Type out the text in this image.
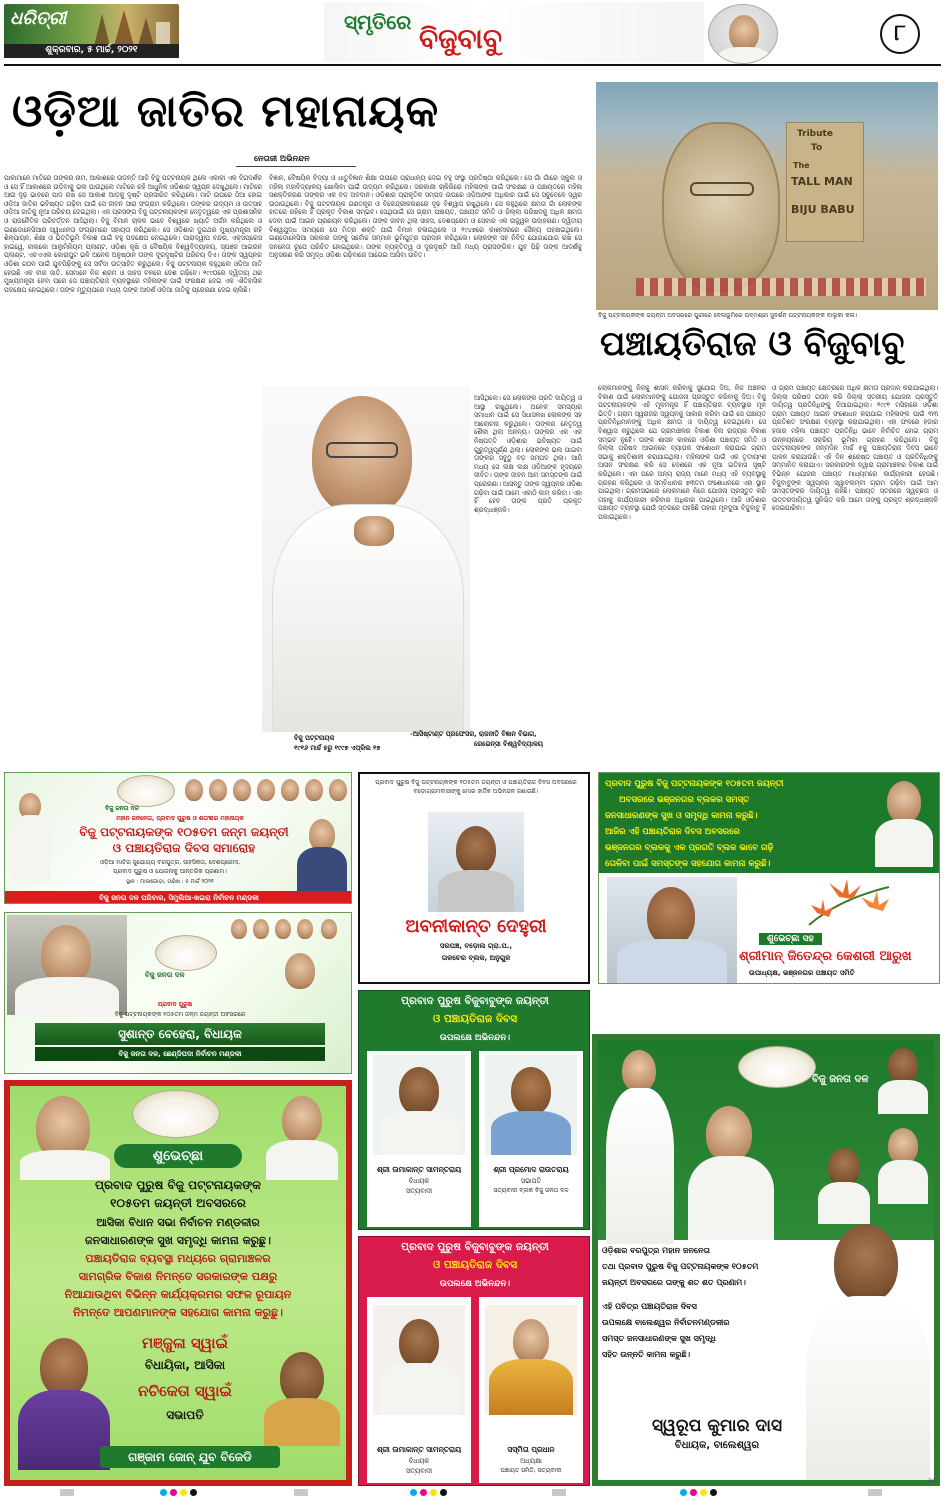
ଧରିତ୍ରୀ
ଶୁକ୍ରବାର, ୫ ମାର୍ଚ୍ଚ, ୨୦୨୧
ସ୍ମୃତିରେ ବିଜୁବାବୁ	୮
ଓଡ଼ିଆ ଜାତିର ମହାନାୟକ
ନେତାଜୀ ଅଭିନନ୍ଦନ
ପାକାମାନେ ମାତିରେ ତାଙ୍କର ନାମ, ଆକାଶରେ ଉଡ଼ନ୍ତି ଆଜି ବିଜୁ ପଟ୍ଟନାୟକ ଥିଲେ ଏକାକୀ ଏକ ଦିଗଦର୍ଶକ ଓ ସେ ହିଁ ଆକାଶରେ ଉଡ଼ିବାକୁ ଭଲ ପାଉଥିଲେ ମାଟିରେ ରହି ଆଧୁନିକ ଓଡ଼ିଶାର ସ୍ୱପ୍ନ ଦେଖୁଥିଲେ। ମାଟିରେ ଆଉ ଦୃଢ଼ ଭାବରେ ପାଦ ରଖି ସେ ଆକାଶ ଆଡ଼କୁ ଦୃଷ୍ଟି ପ୍ରସାରିତ କରିଥିଲେ। ମାଟି ଉପରେ ଠିଆ ହୋଇ ଓଡ଼ିଆ ଜାତିର ଭବିଷ୍ୟତ ଗଢ଼ିବା ପାଇଁ ସେ ଜୀବନ ସାରା ସଂଗ୍ରାମ କରିଥିଲେ। ତାଙ୍କର ଉଦ୍ୟମ ଓ ଉତ୍ସାହ ଓଡ଼ିଆ ଜାତିକୁ ନୂଆ ପରିଚୟ ଦେଇଥିଲା। ଏକ ପ୍ରସଙ୍ଗ ବିଜୁ ପଟ୍ଟନାୟକଙ୍କ ନେତୃତ୍ୱରେ ଏକ ପ୍ରଶାସନିକ ଓ ରାଜନୈତିକ ପରିବର୍ତ୍ତନ ଆସିଥିଲା। ବିଜୁ ବିମାନ ଚାଳକ ଭାବେ ବିଶ୍ୱରେ ଖ୍ୟାତି ଅର୍ଜନ କରିଥିଲେ ଓ ଇଣ୍ଡୋନେସିଆର ସ୍ୱାଧୀନତା ସଂଗ୍ରାମରେ ସହାୟତା କରିଥିଲେ। ସେ ଓଡ଼ିଶାର ଦୁଇଥର ମୁଖ୍ୟମନ୍ତ୍ରୀ ରହି ଶିଳ୍ପାୟନ, ଶିକ୍ଷା ଓ ଭିତ୍ତିଭୂମି ବିକାଶ ପାଇଁ ବହୁ ପଦକ୍ଷେପ ନେଇଥିଲେ। ପାରାଦ୍ୱୀପ ବନ୍ଦର, ଏକ୍ସପ୍ରେସ ହାଇୱେ, ନାଲକୋ ଆଲୁମିନିୟମ ପ୍ଲାଣ୍ଟ, ଓଡ଼ିଶା କୃଷି ଓ ବୈଷୟିକ ବିଶ୍ୱବିଦ୍ୟାଳୟ, ସ୍ପଞ୍ଜ ଆଇରନ ପ୍ଲାଣ୍ଟ, ଏଚଏଏଲ କୋରାପୁଟ ଭଳି ଅନେକ ଅନୁଷ୍ଠାନ ତାଙ୍କ ଦୂରଦୃଷ୍ଟିର ପରିଚୟ ଦିଏ। ତାଙ୍କ ସ୍ୱପ୍ନର ଓଡ଼ିଶା ଗଠନ ପାଇଁ ଯୁବପିଢ଼ିଙ୍କୁ ସେ ସର୍ବଦା ଉତ୍ସାହିତ କରୁଥିଲେ। ବିଜୁ ପଟ୍ଟନାୟକ କହୁଥିଲେ ଓଡ଼ିଆ ଜାତି ହେଉଛି ଏକ ବୀର ଜାତି, ସେମାନେ ନିଜ ଶ୍ରମ ଓ ସାହସ ବଳରେ ଦେଶ ଗଢ଼ିବେ। ୧୯୯୦ରେ ଦ୍ୱିତୀୟ ଥର ମୁଖ୍ୟମନ୍ତ୍ରୀ ହେବା ପରେ ସେ ପଞ୍ଚାୟତିରାଜ ବ୍ୟବସ୍ଥାରେ ମହିଳାଙ୍କ ପାଇଁ ସଂରକ୍ଷଣ ଦେଇ ଏକ ଐତିହାସିକ ପଦକ୍ଷେପ ନେଇଥିଲେ। ତାଙ୍କ ମୃତ୍ୟୁପରେ ମଧ୍ୟ ତାଙ୍କ ଆଦର୍ଶ ଓଡ଼ିଆ ଜାତିକୁ ପ୍ରେରଣା ଦେଇ ଚାଲିଛି।
ବିଜ୍ଞାନ, ବୈଷୟିକ ବିଦ୍ୟା ଓ ଧାତୁବିଜ୍ଞାନ ଶିକ୍ଷା ଉପରେ ପ୍ରାଧାନ୍ୟ ଦେଇ ବହୁ ସଂସ୍ଥା ପ୍ରତିଷ୍ଠା କରିଥିଲେ। ସେ ଗାଁ ଗାଁରେ ସ୍କୁଲ ଓ ମହିଳା ମହାବିଦ୍ୟାଳୟ ଖୋଲିବା ପାଇଁ ଉଦ୍ୟମ କରିଥିଲେ। ସରକାରୀ ଚାକିରିରେ ମହିଳାଙ୍କ ପାଇଁ ସଂରକ୍ଷଣ ଓ ପଞ୍ଚାୟତରେ ମହିଳା ସଶକ୍ତିକରଣ ତାଙ୍କର ଏକ ବଡ଼ ଅବଦାନ। ଓଡ଼ିଶାର ପ୍ରାକୃତିକ ସମ୍ପଦ ଉପରେ ଓଡ଼ିଆଙ୍କ ଅଧିକାର ପାଇଁ ସେ ସବୁବେଳେ ସ୍ୱର ଉଠାଉଥିଲେ। ବିଜୁ ପଟ୍ଟନାୟକ ଗଣତନ୍ତ୍ର ଓ ବିକେନ୍ଦ୍ରୀକରଣରେ ଦୃଢ଼ ବିଶ୍ୱାସ ରଖୁଥିଲେ। ସେ କହୁଥିଲେ କ୍ଷମତା ଗାଁ ଲୋକଙ୍କ ହାତରେ ରହିଲେ ହିଁ ପ୍ରକୃତ ବିକାଶ ସମ୍ଭବ। ସେଥିପାଇଁ ସେ ଗ୍ରାମ ପଞ୍ଚାୟତ, ପଞ୍ଚାୟତ ସମିତି ଓ ଜିଲ୍ଲା ପରିଷଦକୁ ଅଧିକ କ୍ଷମତା ଦେବା ପାଇଁ ଆଇନ ପ୍ରଣୟନ କରିଥିଲେ। ତାଙ୍କ ଜୀବନ ଥିଲା ସାହସ, ଦେଶପ୍ରେମ ଓ ସେବାର ଏକ ଉଜ୍ଜ୍ୱଳ ଉଦାହରଣ। ଦ୍ୱିତୀୟ ବିଶ୍ୱଯୁଦ୍ଧ ସମୟରେ ସେ ମିତ୍ର ଶକ୍ତି ପାଇଁ ବିମାନ ଚଳାଇଥିଲେ ଓ ୧୯୪୭ରେ କାଶ୍ମୀରରେ ସୈନ୍ୟ ପହଞ୍ଚାଇଥିଲେ। ଇଣ୍ଡୋନେସିଆ ସରକାର ତାଙ୍କୁ ସର୍ବୋଚ୍ଚ ସମ୍ମାନ ଭୂମିପୁତ୍ର ପ୍ରଦାନ କରିଥିଲେ। ଲୋକଙ୍କ ସହ ନିବିଡ଼ ଯୋଗାଯୋଗ ରଖି ସେ ଜନନେତା ରୂପେ ପରିଚିତ ହୋଇଥିଲେ। ତାଙ୍କ ବ୍ୟକ୍ତିତ୍ୱ ଓ ଦୂରଦୃଷ୍ଟି ଆଜି ମଧ୍ୟ ପ୍ରାସଙ୍ଗିକ। ଯୁବ ପିଢ଼ି ତାଙ୍କ ଆଦର୍ଶକୁ ଅନୁସରଣ କରି ସମୃଦ୍ଧ ଓଡ଼ିଶା ଗଢ଼ିବାରେ ଆଗେଇ ଆସିବା ଉଚିତ।
ଆସିଥିଲେ। ସେ ଲୋକଙ୍କ ପ୍ରତି ଦାୟିତ୍ୱ ଓ ଆସ୍ଥା ରଖୁଥିଲେ। ଅନେକ ସମସ୍ୟାର ସମାଧାନ ପାଇଁ ସେ ସିଧାସଳଖ ଲୋକଙ୍କ ସହ ଆଲୋଚନା କରୁଥିଲେ। ତାଙ୍କର ନେତୃତ୍ୱ ଶୈଳୀ ଥିଲା ଅନନ୍ୟ। ତାଙ୍କର ଏକ ଏକ ନିଷ୍ପତ୍ତି ଓଡ଼ିଶାର ଭବିଷ୍ୟତ ପାଇଁ ଗୁରୁତ୍ୱପୂର୍ଣ୍ଣ ଥିଲା। ଲୋକଙ୍କ ଭଲ ପାଇବା ତାଙ୍କର ସବୁଠୁ ବଡ଼ ସମ୍ପଦ ଥିଲା। ଆଜି ମଧ୍ୟ ସେ ଲକ୍ଷ ଲକ୍ଷ ଓଡ଼ିଆଙ୍କ ହୃଦୟରେ ଜୀବିତ। ତାଙ୍କ ଜୀବନ ଆମ ସମସ୍ତଙ୍କ ପାଇଁ ପ୍ରେରଣା। ଆସନ୍ତୁ ତାଙ୍କ ସ୍ୱପ୍ନର ଓଡ଼ିଶା ଗଢ଼ିବା ପାଇଁ ଆମେ ଏକାଠି କାମ କରିବା। ଏହା ହିଁ ହେବ ତାଙ୍କ ପ୍ରତି ପ୍ରକୃତ ଶ୍ରଦ୍ଧାଞ୍ଜଳି।
ବିଜୁ ପଟ୍ଟନାୟକ
୧୯୧୬ ମାର୍ଚ୍ଚ ୫ରୁ ୧୯୯୭ ଏପ୍ରିଲ ୧୭
-ଆସିଷ୍ଟାଣ୍ଟ ପ୍ରଫେସର, ରାଜନୀତି ବିଜ୍ଞାନ ବିଭାଗ,
ରେଭେନ୍ସା ବିଶ୍ୱବିଦ୍ୟାଳୟ
Tribute
To
The
TALL MAN
BIJU BABU
ବିଜୁ ପଟ୍ଟନାୟକଙ୍କ ଜୟନ୍ତୀ ଅବସରରେ ପୁରୀରେ ବେଳାଭୂମିରେ ପଦ୍ମଶ୍ରୀ ସୁଦର୍ଶନ ପଟ୍ଟନାୟକଙ୍କ ବାଲୁକା କଳା।
ପଞ୍ଚାୟତିରାଜ ଓ ବିଜୁବାବୁ
ଲୋକମାନଙ୍କୁ ନିଜକୁ ଶାସନ କରିବାକୁ ସୁଯୋଗ ଦିଅ, ନିଜ ଅଞ୍ଚଳର ବିକାଶ ପାଇଁ ଲୋକମାନଙ୍କୁ ଯୋଜନା ପ୍ରସ୍ତୁତ କରିବାକୁ ଦିଅ। ବିଜୁ ପଟ୍ଟନାୟକଙ୍କ ଏହି ମୂଳମନ୍ତ୍ର ହିଁ ପଞ୍ଚାୟତିରାଜ ବ୍ୟବସ୍ଥାର ମୂଳ ଭିତ୍ତି। ଗ୍ରାମ ସ୍ୱରାଜର ସ୍ୱପ୍ନକୁ ସାକାର କରିବା ପାଇଁ ସେ ପଞ୍ଚାୟତ ପ୍ରତିନିଧିମାନଙ୍କୁ ଅଧିକ କ୍ଷମତା ଓ ଦାୟିତ୍ୱ ଦେଇଥିଲେ। ସେ ବିଶ୍ୱାସ କରୁଥିଲେ ଯେ ଗ୍ରାମାଞ୍ଚଳର ବିକାଶ ବିନା ରାଜ୍ୟର ବିକାଶ ସମ୍ଭବ ନୁହେଁ। ତାଙ୍କ ଶାସନ କାଳରେ ଓଡ଼ିଶା ପଞ୍ଚାୟତ ସମିତି ଓ ଜିଲ୍ଲା ପରିଷଦ ଆଇନରେ ବ୍ୟାପକ ସଂଶୋଧନ କରାଯାଇ ଗ୍ରାମ ସଭାକୁ ଶକ୍ତିଶାଳୀ କରାଯାଇଥିଲା। ମହିଳାଙ୍କ ପାଇଁ ଏକ ତୃତୀୟାଂଶ ଆସନ ସଂରକ୍ଷଣ କରି ସେ ଦେଶରେ ଏକ ନୂଆ ଇତିହାସ ସୃଷ୍ଟି କରିଥିଲେ। ଏହା ପରେ ଅନ୍ୟ ରାଜ୍ୟ ମାନେ ମଧ୍ୟ ଏହି ବ୍ୟବସ୍ଥାକୁ ଗ୍ରହଣ କରିଥିଲେ ଓ ସମ୍ବିଧାନର ୭୩ତମ ସଂଶୋଧନରେ ଏହା ସ୍ଥାନ ପାଇଥିଲା। ଗ୍ରାମସଭାରେ ଲୋକମାନେ ନିଜେ ଯୋଜନା ପ୍ରସ୍ତୁତ କରି ତାହାକୁ କାର୍ଯ୍ୟକାରୀ କରିବାର ଅଧିକାର ପାଇଥିଲେ। ଆଜି ଓଡ଼ିଶାର ପଞ୍ଚାୟତ ବ୍ୟବସ୍ଥା ଯେଉଁ ସ୍ତରରେ ପହଞ୍ଚିଛି ତାହାର ମୂଳଦୁଆ ବିଜୁବାବୁ ହିଁ ପକାଇଥିଲେ।
ଓ ଗ୍ରାମ ପଞ୍ଚାୟତ କ୍ଷେତ୍ରରେ ଅଧିକ କ୍ଷମତା ପ୍ରଦାନ କରାଯାଇଥିଲା। ଜିଲ୍ଲା ପରିଷଦ ଗଠନ କରି ଜିଲ୍ଲା ସ୍ତରୀୟ ଯୋଜନା ପ୍ରସ୍ତୁତି ଦାୟିତ୍ୱ ପ୍ରତିନିଧିଙ୍କୁ ଦିଆଯାଇଥିଲା। ୧୯୯୧ ମସିହାରେ ଓଡ଼ିଶା ଗ୍ରାମ ପଞ୍ଚାୟତ ଆଇନ ସଂଶୋଧନ କରାଯାଇ ମହିଳାଙ୍କ ପାଇଁ ୩୩ ପ୍ରତିଶତ ସଂରକ୍ଷଣ ବ୍ୟବସ୍ଥା କରାଯାଇଥିଲା। ଏହା ଫଳରେ ହଜାର ହଜାର ମହିଳା ପଞ୍ଚାୟତ ପ୍ରତିନିଧି ଭାବେ ନିର୍ବାଚିତ ହୋଇ ଗ୍ରାମ ଉନ୍ନୟନରେ ସକ୍ରିୟ ଭୂମିକା ଗ୍ରହଣ କରିଥିଲେ। ବିଜୁ ପଟ୍ଟନାୟକଙ୍କ ଜନ୍ମଦିନ ମାର୍ଚ୍ଚ ୫କୁ ପଞ୍ଚାୟତିରାଜ ଦିବସ ଭାବେ ପାଳନ କରାଯାଉଛି। ଏହି ଦିନ ଶ୍ରେଷ୍ଠ ପଞ୍ଚାୟତ ଓ ପ୍ରତିନିଧିଙ୍କୁ ସମ୍ମାନିତ କରାଯାଏ। ସରକାରଙ୍କ ଦ୍ୱାରା ଗ୍ରାମାଞ୍ଚଳର ବିକାଶ ପାଇଁ ବିଭିନ୍ନ ଯୋଜନା ପଞ୍ଚାୟତ ମାଧ୍ୟମରେ କାର୍ଯ୍ୟକାରୀ ହେଉଛି। ବିଜୁବାବୁଙ୍କ ସ୍ୱପ୍ନର ସ୍ୱାବଲମ୍ବୀ ଗ୍ରାମ ଗଢ଼ିବା ପାଇଁ ଆମ ସମସ୍ତଙ୍କର ଦାୟିତ୍ୱ ରହିଛି। ପଞ୍ଚାୟତ ସ୍ତରରେ ସ୍ୱଚ୍ଛତା ଓ ଉତ୍ତରଦାୟିତ୍ୱ ସୁନିଶ୍ଚିତ କରି ଆମେ ତାଙ୍କୁ ପ୍ରକୃତ ଶ୍ରଦ୍ଧାଞ୍ଜଳି ଦେଇପାରିବା।
ବିଜୁ ଜନତା ଦଳ
ମହାନ ଜନନେତା, ପ୍ରବାଦ ପୁରୁଷ ଓ ଶତାବ୍ଦୀର ମହାନାୟକ
ବିଜୁ ପଟ୍ଟନାୟକଙ୍କ ୧୦୫ତମ ଜନ୍ମ ଜୟନ୍ତୀ
ଓ ପଞ୍ଚାୟତିରାଜ ଦିବସ ସମାରୋହ
ଓଡ଼ିଆ ମାଟିର ସୁଯୋଗ୍ୟ ବରପୁତ୍ର, ସାହସିକତା, ଦେଶପ୍ରେମୀ,
ପ୍ରବାଦ ପୁରୁଷ ଓ ଯୋଜନାକୁ ଆନ୍ତରିକ ପ୍ରଣାମ।
ସ୍ଥାନ : ମାଲଗୋଡ଼ା, ତାରିଖ : ୫ ମାର୍ଚ୍ଚ ୨୦୨୧
ବିଜୁ ଜନତା ଦଳ ପରିବାର, ସିମୁଲିଆ-ଖଇରା ନିର୍ବାଚନ ମଣ୍ଡଳୀ
ବିଜୁ ଜନତା ଦଳ
ପ୍ରବାଦ ପୁରୁଷ
ବିଜୁ ପଟ୍ଟନାୟକଙ୍କ ୧୦୫ତମ ଜନ୍ମ ଜୟନ୍ତୀ ଅବସରରେ
ସୁଶାନ୍ତ ବେହେରା, ବିଧାୟକ
ବିଜୁ ଜନତା ଦଳ, ଛେଣ୍ଡିପଦା ନିର୍ବାଚନ ମଣ୍ଡଳୀ
ପ୍ରବାଦ ପୁରୁଷ ବିଜୁ ପଟ୍ଟନାୟକଙ୍କ ୧୦୫ତମ ଜୟନ୍ତୀ ଓ ପଞ୍ଚାୟତିରାଜ ଦିବସ ଅବସରରେ ବଡ଼ୋଗ୍ରାମବାସୀଙ୍କୁ ମୋର ହାର୍ଦ୍ଦିକ ଅଭିନନ୍ଦନ ଜଣାଉଛି।
ଅବନୀକାନ୍ତ ଦେହୁରୀ
ସରପଞ୍ଚ, ବଡ଼ୋଲ ଗ୍ରା.ପ.,
ତାଳଚେର ବ୍ଲକ, ଅନୁଗୁଳ
ପ୍ରବାଦ ପୁରୁଷ ବିଜୁ ପଟ୍ଟନାୟକଙ୍କ ୧୦୫ତମ ଜୟନ୍ତୀ
ଅବସରରେ ଭଞ୍ଜନଗର ବ୍ଲକର ସମସ୍ତ
ଜନସାଧାରଣଙ୍କ ସୁଖ ଓ ସମୃଦ୍ଧି କାମନା କରୁଛି।
ଆଜିର ଏହି ପଞ୍ଚାୟତିରାଜ ଦିବସ ଅବସରରେ
ଭଞ୍ଜନଗର ବ୍ଲକକୁ ଏକ ପ୍ରଗତି ବ୍ଲକ ଭାବେ ଗଢ଼ି
ତୋଳିବା ପାଇଁ ସମସ୍ତଙ୍କ ସହଯୋଗ କାମନା କରୁଛି।
ଶୁଭେଚ୍ଛା ସହ
ଶ୍ରୀମାନ୍ ଜିତେନ୍ଦ୍ର କେଶରୀ ଆରୁଖ
ଉପାଧ୍ୟକ୍ଷ, ଭଞ୍ଜନଗର ପଞ୍ଚାୟତ ସମିତି
ପ୍ରବାଦ ପୁରୁଷ ବିଜୁବାବୁଙ୍କ ଜୟନ୍ତୀ
ଓ ପଞ୍ଚାୟତିରାଜ ଦିବସ
ଉପଲକ୍ଷେ ଅଭିନନ୍ଦନ।
ଶ୍ରୀ ଉମାକାନ୍ତ ସାମନ୍ତରାୟ
ବିଧାୟକ
ସତ୍ୟବାଦୀ
ଶ୍ରୀ ପ୍ରମୋଦ ରାଉତରାୟ
ସଭାପତି
ସତ୍ୟବାଦୀ ବ୍ଲକ ବିଜୁ ଜନତା ଦଳ
ପ୍ରବାଦ ପୁରୁଷ ବିଜୁବାବୁଙ୍କ ଜୟନ୍ତୀ
ଓ ପଞ୍ଚାୟତିରାଜ ଦିବସ
ଉପଲକ୍ଷେ ଅଭିନନ୍ଦନ।
ଶ୍ରୀ ଉମାକାନ୍ତ ସାମନ୍ତରାୟ
ବିଧାୟକ
ସତ୍ୟବାଦୀ
ସସ୍ମିତା ପ୍ରଧାନ
ଅଧ୍ୟକ୍ଷା
ପଞ୍ଚାୟତ ସମିତି, ସତ୍ୟବାଦୀ
ଶୁଭେଚ୍ଛା
ପ୍ରବାଦ ପୁରୁଷ ବିଜୁ ପଟ୍ଟନାୟକଙ୍କ
୧୦୫ତମ ଜୟନ୍ତୀ ଅବସରରେ
ଆସିକା ବିଧାନ ସଭା ନିର୍ବାଚନ ମଣ୍ଡଳୀର
ଜନସାଧାରଣଙ୍କ ସୁଖ ସମୃଦ୍ଧି କାମନା କରୁଛୁ।
ପଞ୍ଚାୟତିରାଜ ବ୍ୟବସ୍ଥା ମଧ୍ୟରେ ଗ୍ରାମାଞ୍ଚଳର
ସାମଗ୍ରିକ ବିକାଶ ନିମନ୍ତେ ସରକାରଙ୍କ ପକ୍ଷରୁ
ନିଆଯାଉଥିବା ବିଭିନ୍ନ କାର୍ଯ୍ୟକ୍ରମର ସଫଳ ରୂପାୟନ
ନିମନ୍ତେ ଆପଣମାନଙ୍କ ସହଯୋଗ କାମନା କରୁଛୁ।
ମଞ୍ଜୁଳା ସ୍ୱାଇଁ
ବିଧାୟିକା, ଆସିକା
ନଚିକେତା ସ୍ୱାଇଁ
ସଭାପତି
ଗଞ୍ଜାମ ଜୋନ୍ ଯୁବ ବିଜେଡି
ବିଜୁ ଜନତା ଦଳ
ଓଡ଼ିଶାର ବରପୁତ୍ର ମହାନ ଜନନେତା
ତଥା ପ୍ରବାଦ ପୁରୁଷ ବିଜୁ ପଟ୍ଟନାୟକଙ୍କ ୧୦୫ତମ
ଜୟନ୍ତୀ ଅବସରରେ ତାଙ୍କୁ ଶତ ଶତ ପ୍ରଣାମ।
ଏହି ପବିତ୍ର ପଞ୍ଚାୟତିରାଜ ଦିବସ
ଉପଲକ୍ଷେ ବାଲେଶ୍ୱର ନିର୍ବାଚନମଣ୍ଡଳୀର
ସମସ୍ତ ଜନସାଧାରଣଙ୍କ ସୁଖ ସମୃଦ୍ଧି
ସହିତ ଉନ୍ନତି କାମନା କରୁଛି।
ସ୍ୱରୂପ କୁମାର ଦାସ
ବିଧାୟକ, ବାଲେଶ୍ୱର
36
